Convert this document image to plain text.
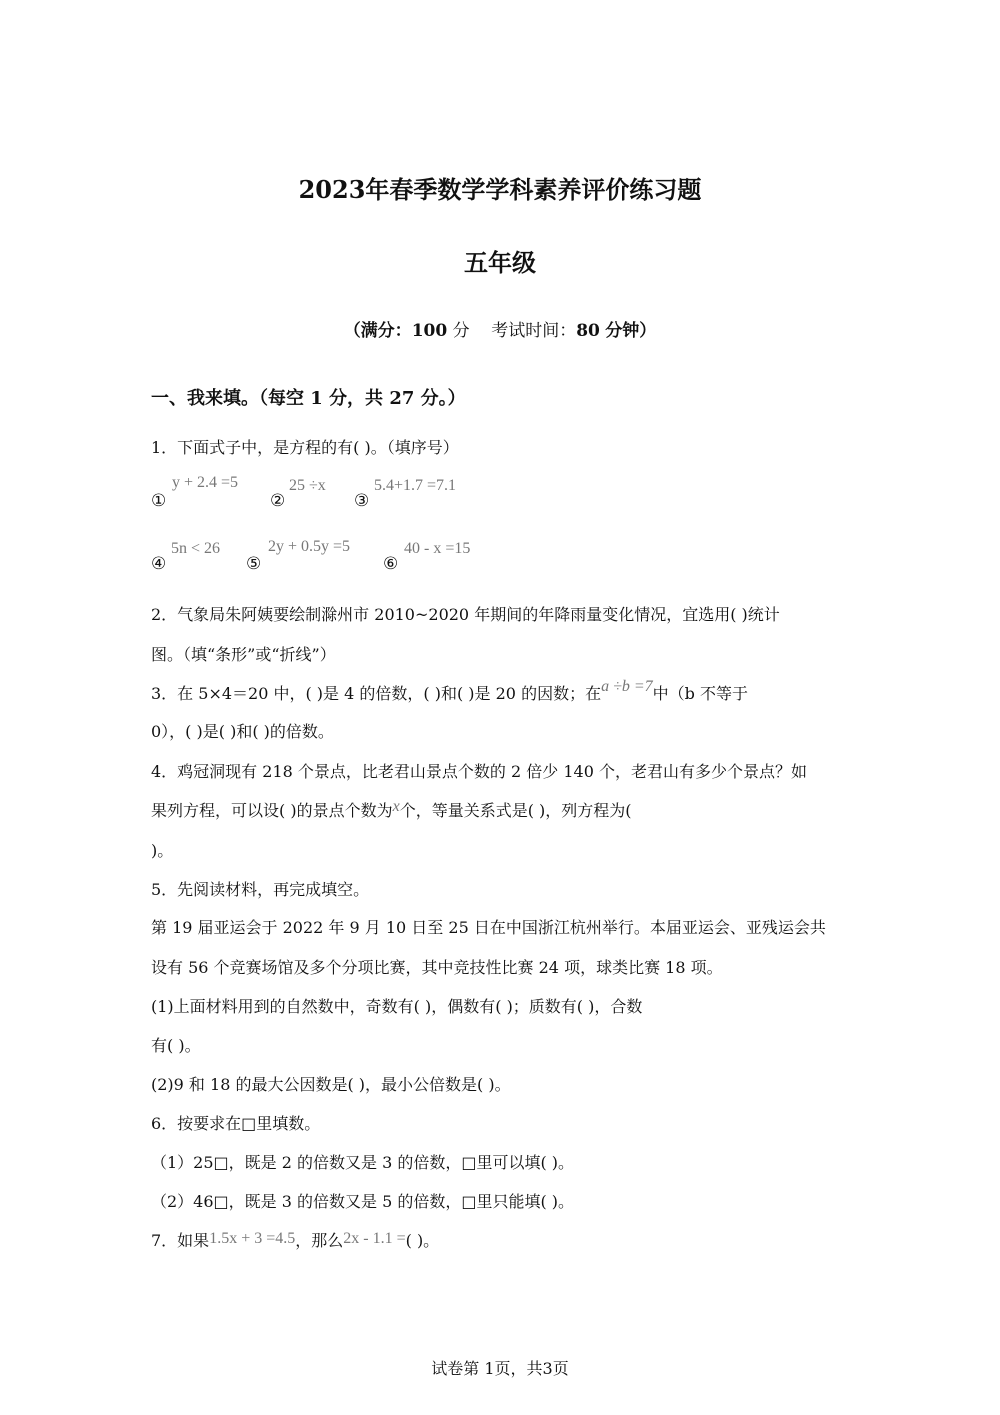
2023年春季数学学科素养评价练习题
五年级
（满分：100 分 考试时间：80 分钟）
一、我来填。（每空 1 分，共 27 分。）
1．下面式子中，是方程的有( )。（填序号）
①
y + 2.4 =5
②
25 ÷x
③
5.4+1.7 =7.1
④
5n < 26
⑤
2y + 0.5y =5
⑥
40 - x =15
2．气象局朱阿姨要绘制滁州市 2010~2020 年期间的年降雨量变化情况，宜选用( )统计
图。（填“条形”或“折线”）
3．在 5×4＝20 中，( )是 4 的倍数，( )和( )是 20 的因数；在a ÷b =7中（b 不等于
0），( )是( )和( )的倍数。
4．鸡冠洞现有 218 个景点，比老君山景点个数的 2 倍少 140 个，老君山有多少个景点？如
果列方程，可以设( )的景点个数为x个，等量关系式是( )，列方程为(
)。
5．先阅读材料，再完成填空。
第 19 届亚运会于 2022 年 9 月 10 日至 25 日在中国浙江杭州举行。本届亚运会、亚残运会共
设有 56 个竞赛场馆及多个分项比赛，其中竞技性比赛 24 项，球类比赛 18 项。
(1)上面材料用到的自然数中，奇数有( )，偶数有( )；质数有( )，合数
有( )。
(2)9 和 18 的最大公因数是( )，最小公倍数是( )。
6．按要求在□里填数。
（1）25□，既是 2 的倍数又是 3 的倍数，□里可以填( )。
（2）46□，既是 3 的倍数又是 5 的倍数，□里只能填( )。
7．如果1.5x + 3 =4.5，那么2x - 1.1 =( )。
试卷第 1页，共3页
